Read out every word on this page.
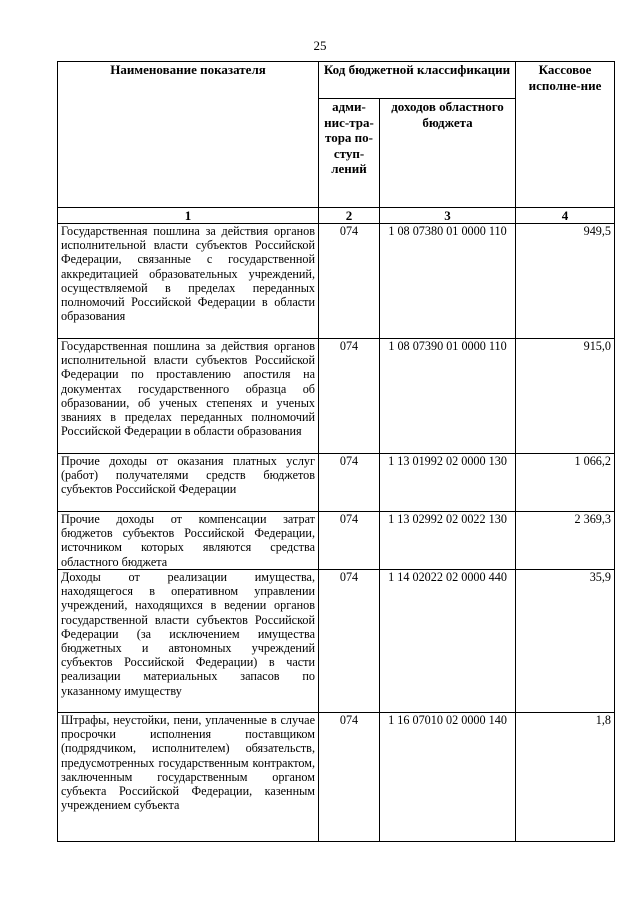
25
Наименование показателя	Код бюджетной классификации		Кассовое исполне-ние
	адми-нис-тра-тора по-ступ-лений	доходов областного бюджета	
1	2	3	4
Государственная пошлина за действия органов исполнительной власти субъектов Российской Федерации, связанные с государственной аккредитацией образовательных учреждений, осуществляемой в пределах переданных полномочий Российской Федерации в области образования	074	1 08 07380 01 0000 110	949,5
Государственная пошлина за действия органов исполнительной власти субъектов Российской Федерации по проставлению апостиля на документах государственного образца об образовании, об ученых степенях и ученых званиях в пределах переданных полномочий Российской Федерации в области образования	074	1 08 07390 01 0000 110	915,0
Прочие доходы от оказания платных услуг (работ) получателями средств бюджетов субъектов Российской Федерации	074	1 13 01992 02 0000 130	1 066,2
Прочие доходы от компенсации затрат бюджетов субъектов Российской Федерации, источником которых являются средства областного бюджета	074	1 13 02992 02 0022 130	2 369,3
Доходы от реализации имущества, находящегося в оперативном управлении учреждений, находящихся в ведении органов государственной власти субъектов Российской Федерации (за исключением имущества бюджетных и автономных учреждений субъектов Российской Федерации) в части реализации материальных запасов по указанному имуществу	074	1 14 02022 02 0000 440	35,9
Штрафы, неустойки, пени, уплаченные в случае просрочки исполнения поставщиком (подрядчиком, исполнителем) обязательств, предусмотренных государственным контрактом, заключенным государственным органом субъекта Российской Федерации, казенным учреждением субъекта	074	1 16 07010 02 0000 140	1,8
